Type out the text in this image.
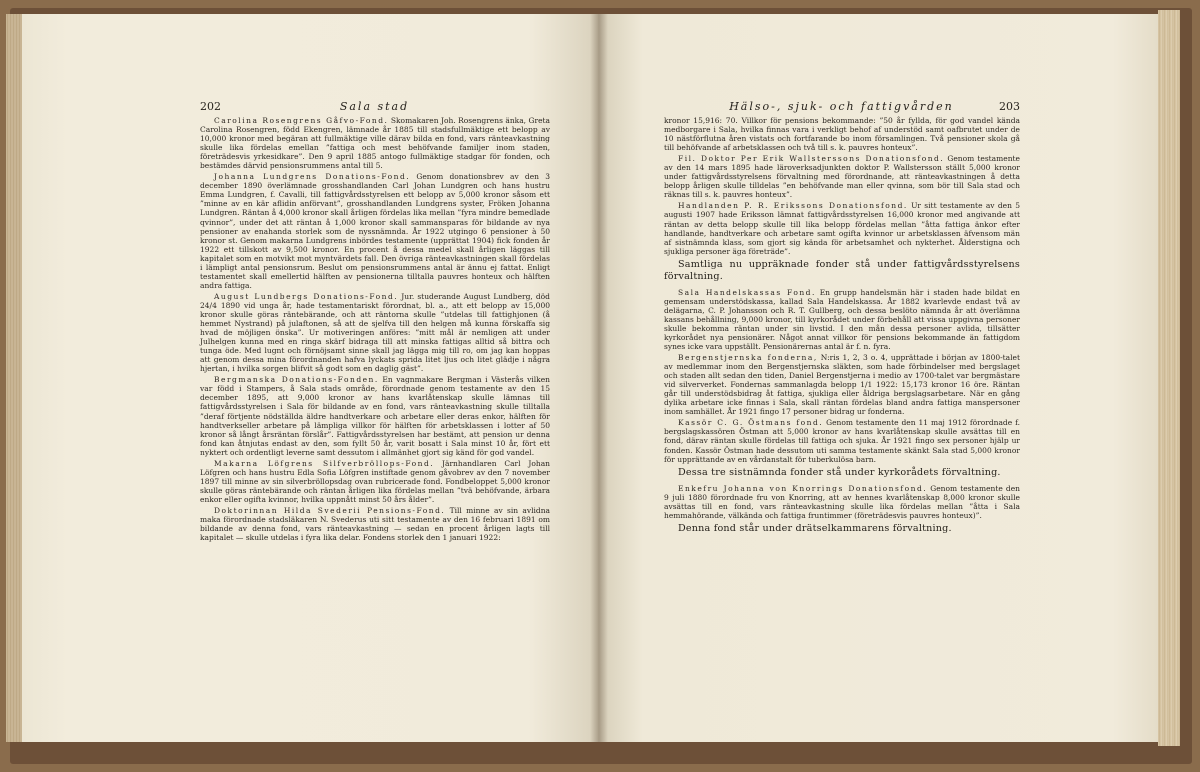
202	Sala stad

Carolina Rosengrens Gåfvo-Fond. Skomakaren Joh. Rosengrens änka, Greta Carolina Rosengren, född Ekengren, lämnade år 1885 till stadsfullmäktige ett belopp av 10,000 kronor med begäran att fullmäktige ville därav bilda en fond, vars ränteavkastning skulle lika fördelas emellan ”fattiga och mest behöfvande familjer inom staden, företrädesvis yrkesidkare”. Den 9 april 1885 antogo fullmäktige stadgar för fonden, och bestämdes därvid pensionsrummens antal till 5.

Johanna Lundgrens Donations-Fond. Genom donationsbrev av den 3 december 1890 överlämnade grosshandlanden Carl Johan Lundgren och hans hustru Emma Lundgren, f. Cavalli, till fattigvårdsstyrelsen ett belopp av 5,000 kronor såsom ett ”minne av en kär aflidin anförvant”, grosshandlanden Lundgrens syster, Fröken Johanna Lundgren. Räntan å 4,000 kronor skall årligen fördelas lika mellan ”fyra mindre bemedlade qvinnor”, under det att räntan å 1,000 kronor skall sammansparas för bildande av nya pensioner av enahanda storlek som de nyssnämnda. År 1922 utgingo 6 pensioner à 50 kronor st. Genom makarna Lundgrens inbördes testamente (upprättat 1904) fick fonden år 1922 ett tillskott av 9,500 kronor. En procent å dessa medel skall årligen läggas till kapitalet som en motvikt mot myntvärdets fall. Den övriga ränteavkastningen skall fördelas i lämpligt antal pensionsrum. Beslut om pensionsrummens antal är ännu ej fattat. Enligt testamentet skall emellertid hälften av pensionerna tilltalla pauvres honteux och hälften andra fattiga.

August Lundbergs Donations-Fond. Jur. studerande August Lundberg, död 24/4 1890 vid unga år, hade testamentariskt förordnat, bl. a., att ett belopp av 15,000 kronor skulle göras räntebärande, och att räntorna skulle ”utdelas till fattighjonen (å hemmet Nystrand) på julaftonen, så att de sjelfva till den helgen må kunna förskaffa sig hvad de möjligen önska”. Ur motiveringen anföres: ”mitt mål är nemligen att under Julhelgen kunna med en ringa skärf bidraga till att minska fattigas alltid så bittra och tunga öde. Med lugnt och förnöjsamt sinne skall jag lägga mig till ro, om jag kan hoppas att genom dessa mina förordnanden hafva lyckats sprida litet ljus och litet glädje i några hjertan, i hvilka sorgen blifvit så godt som en daglig gäst”.

Bergmanska Donations-Fonden. En vagnmakare Bergman i Västerås vilken var född i Stampers, å Sala stads område, förordnade genom testamente av den 15 december 1895, att 9,000 kronor av hans kvarlåtenskap skulle lämnas till fattigvårdsstyrelsen i Sala för bildande av en fond, vars ränteavkastning skulle tilltalla ”deraf förtjente nödställda äldre handtverkare och arbetare eller deras enkor, hälften för handtverkseller arbetare på lämpliga villkor för hälften för arbetsklassen i lotter af 50 kronor så långt årsräntan förslår”. Fattigvårdsstyrelsen har bestämt, att pension ur denna fond kan åtnjutas endast av den, som fyllt 50 år, varit bosatt i Sala minst 10 år, fört ett nyktert och ordentligt leverne samt dessutom i allmänhet gjort sig känd för god vandel.

Makarna Löfgrens Silfverbröllops-Fond. Järnhandlaren Carl Johan Löfgren och hans hustru Edla Sofia Löfgren instiftade genom gåvobrev av den 7 november 1897 till minne av sin silverbröllopsdag ovan rubricerade fond. Fondbeloppet 5,000 kronor skulle göras räntebärande och räntan årligen lika fördelas mellan ”tvä behöfvande, ärbara enkor eller ogifta kvinnor, hvilka uppnått minst 50 års ålder”.

Doktorinnan Hilda Svederii Pensions-Fond. Till minne av sin avlidna maka förordnade stadsläkaren N. Svederus uti sitt testamente av den 16 februari 1891 om bildande av denna fond, vars ränteavkastning — sedan en procent årligen lagts till kapitalet — skulle utdelas i fyra lika delar. Fondens storlek den 1 januari 1922:

Hälso-, sjuk- och fattigvården	203

kronor 15,916: 70. Villkor för pensions bekommande: ”50 år fyllda, för god vandel kända medborgare i Sala, hvilka finnas vara i verkligt behof af understöd samt oafbrutet under de 10 nästförflutna åren vistats och fortfarande bo inom församlingen. Två pensioner skola gå till behöfvande af arbetsklassen och två till s. k. pauvres honteux”.

Fil. Doktor Per Erik Wallsterssons Donationsfond. Genom testamente av den 14 mars 1895 hade läroverksadjunkten doktor P. Wallstersson ställt 5,000 kronor under fattigvårdsstyrelsens förvaltning med förordnande, att ränteavkastningen å detta belopp årligen skulle tilldelas ”en behöfvande man eller qvinna, som bör till Sala stad och räknas till s. k. pauvres honteux”.

Handlanden P. R. Erikssons Donationsfond. Ur sitt testamente av den 5 augusti 1907 hade Eriksson lämnat fattigvårdsstyrelsen 16,000 kronor med angivande att räntan av detta belopp skulle till lika belopp fördelas mellan ”åtta fattiga änkor efter handlande, handtverkare och arbetare samt ogifta kvinnor ur arbetsklassen äfvensom män af sistnämnda klass, som gjort sig kända för arbetsamhet och nykterhet. Ålderstigna och sjukliga personer äga företräde”.

Samtliga nu uppräknade fonder stå under fattigvårdsstyrelsens förvaltning.

Sala Handelskassas Fond. En grupp handelsmän här i staden hade bildat en gemensam understödskassa, kallad Sala Handelskassa. År 1882 kvarlevde endast två av delägarna, C. P. Johansson och R. T. Gullberg, och dessa beslöto nämnda år att överlämna kassans behållning, 9,000 kronor, till kyrkorådet under förbehåll att vissa uppgivna personer skulle bekomma räntan under sin livstid. I den mån dessa personer avlida, tillsätter kyrkorådet nya pensionärer. Något annat villkor för pensions bekommande än fattigdom synes icke vara uppställt. Pensionärernas antal är f. n. fyra.

Bergenstjernska fonderna, N:ris 1, 2, 3 o. 4, upprättade i början av 1800-talet av medlemmar inom den Bergenstjernska släkten, som hade förbindelser med bergslaget och staden allt sedan den tiden, Daniel Bergenstjerna i medio av 1700-talet var bergmästare vid silververket. Fondernas sammanlagda belopp 1/1 1922: 15,173 kronor 16 öre. Räntan går till understödsbidrag åt fattiga, sjukliga eller åldriga bergslagsarbetare. När en gång dylika arbetare icke finnas i Sala, skall räntan fördelas bland andra fattiga manspersoner inom samhället. År 1921 fingo 17 personer bidrag ur fonderna.

Kassör C. G. Östmans fond. Genom testamente den 11 maj 1912 förordnade f. bergslagskassören Östman att 5,000 kronor av hans kvarlåtenskap skulle avsättas till en fond, därav räntan skulle fördelas till fattiga och sjuka. År 1921 fingo sex personer hjälp ur fonden. Kassör Östman hade dessutom uti samma testamente skänkt Sala stad 5,000 kronor för upprättande av en vårdanstalt för tuberkulösa barn.

Dessa tre sistnämnda fonder stå under kyrkorådets förvaltning.

Enkefru Johanna von Knorrings Donationsfond. Genom testamente den 9 juli 1880 förordnade fru von Knorring, att av hennes kvarlåtenskap 8,000 kronor skulle avsättas till en fond, vars ränteavkastning skulle lika fördelas mellan ”åtta i Sala hemmahörande, välkända och fattiga fruntimmer (företrädesvis pauvres honteux)”.

Denna fond står under drätselkammarens förvaltning.
